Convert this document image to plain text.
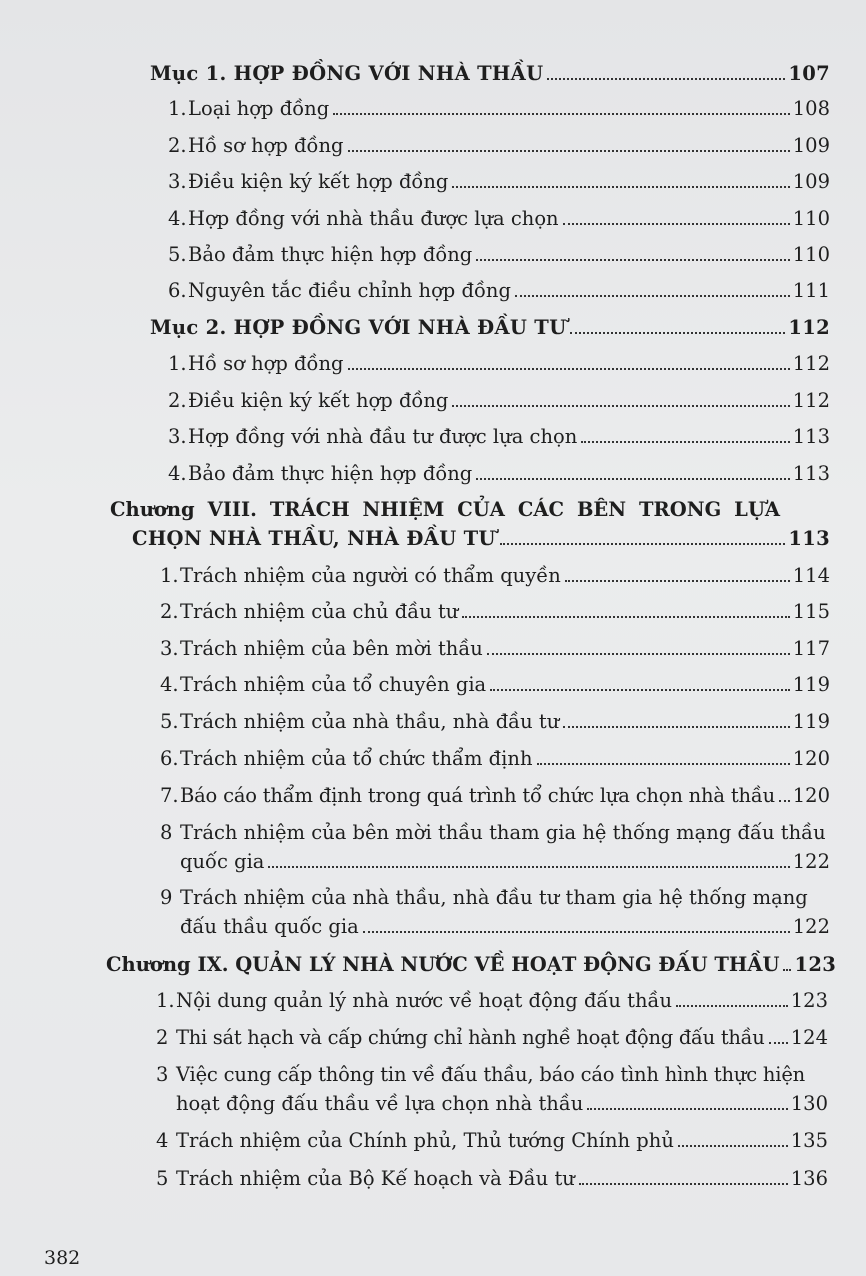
Mục 1. HỢP ĐỒNG VỚI NHÀ THẦU	107
1. Loại hợp đồng	108
2. Hồ sơ hợp đồng	109
3. Điều kiện ký kết hợp đồng	109
4. Hợp đồng với nhà thầu được lựa chọn	110
5. Bảo đảm thực hiện hợp đồng	110
6. Nguyên tắc điều chỉnh hợp đồng	111
Mục 2. HỢP ĐỒNG VỚI NHÀ ĐẦU TƯ	112
1. Hồ sơ hợp đồng	112
2. Điều kiện ký kết hợp đồng	112
3. Hợp đồng với nhà đầu tư được lựa chọn	113
4. Bảo đảm thực hiện hợp đồng	113
Chương VIII. TRÁCH NHIỆM CỦA CÁC BÊN TRONG LỰA
CHỌN NHÀ THẦU, NHÀ ĐẦU TƯ	113
1. Trách nhiệm của người có thẩm quyền	114
2. Trách nhiệm của chủ đầu tư	115
3. Trách nhiệm của bên mời thầu	117
4. Trách nhiệm của tổ chuyên gia	119
5. Trách nhiệm của nhà thầu, nhà đầu tư	119
6. Trách nhiệm của tổ chức thẩm định	120
7. Báo cáo thẩm định trong quá trình tổ chức lựa chọn nhà thầu 120
8 Trách nhiệm của bên mời thầu tham gia hệ thống mạng đấu thầu
quốc gia	122
9 Trách nhiệm của nhà thầu, nhà đầu tư tham gia hệ thống mạng
đấu thầu quốc gia	122
Chương IX. QUẢN LÝ NHÀ NƯỚC VỀ HOẠT ĐỘNG ĐẤU THẦU 123
1. Nội dung quản lý nhà nước về hoạt động đấu thầu	123
2 Thi sát hạch và cấp chứng chỉ hành nghề hoạt động đấu thầu 124
3 Việc cung cấp thông tin về đấu thầu, báo cáo tình hình thực hiện
hoạt động đấu thầu về lựa chọn nhà thầu	130
4 Trách nhiệm của Chính phủ, Thủ tướng Chính phủ	135
5 Trách nhiệm của Bộ Kế hoạch và Đầu tư	136
382
